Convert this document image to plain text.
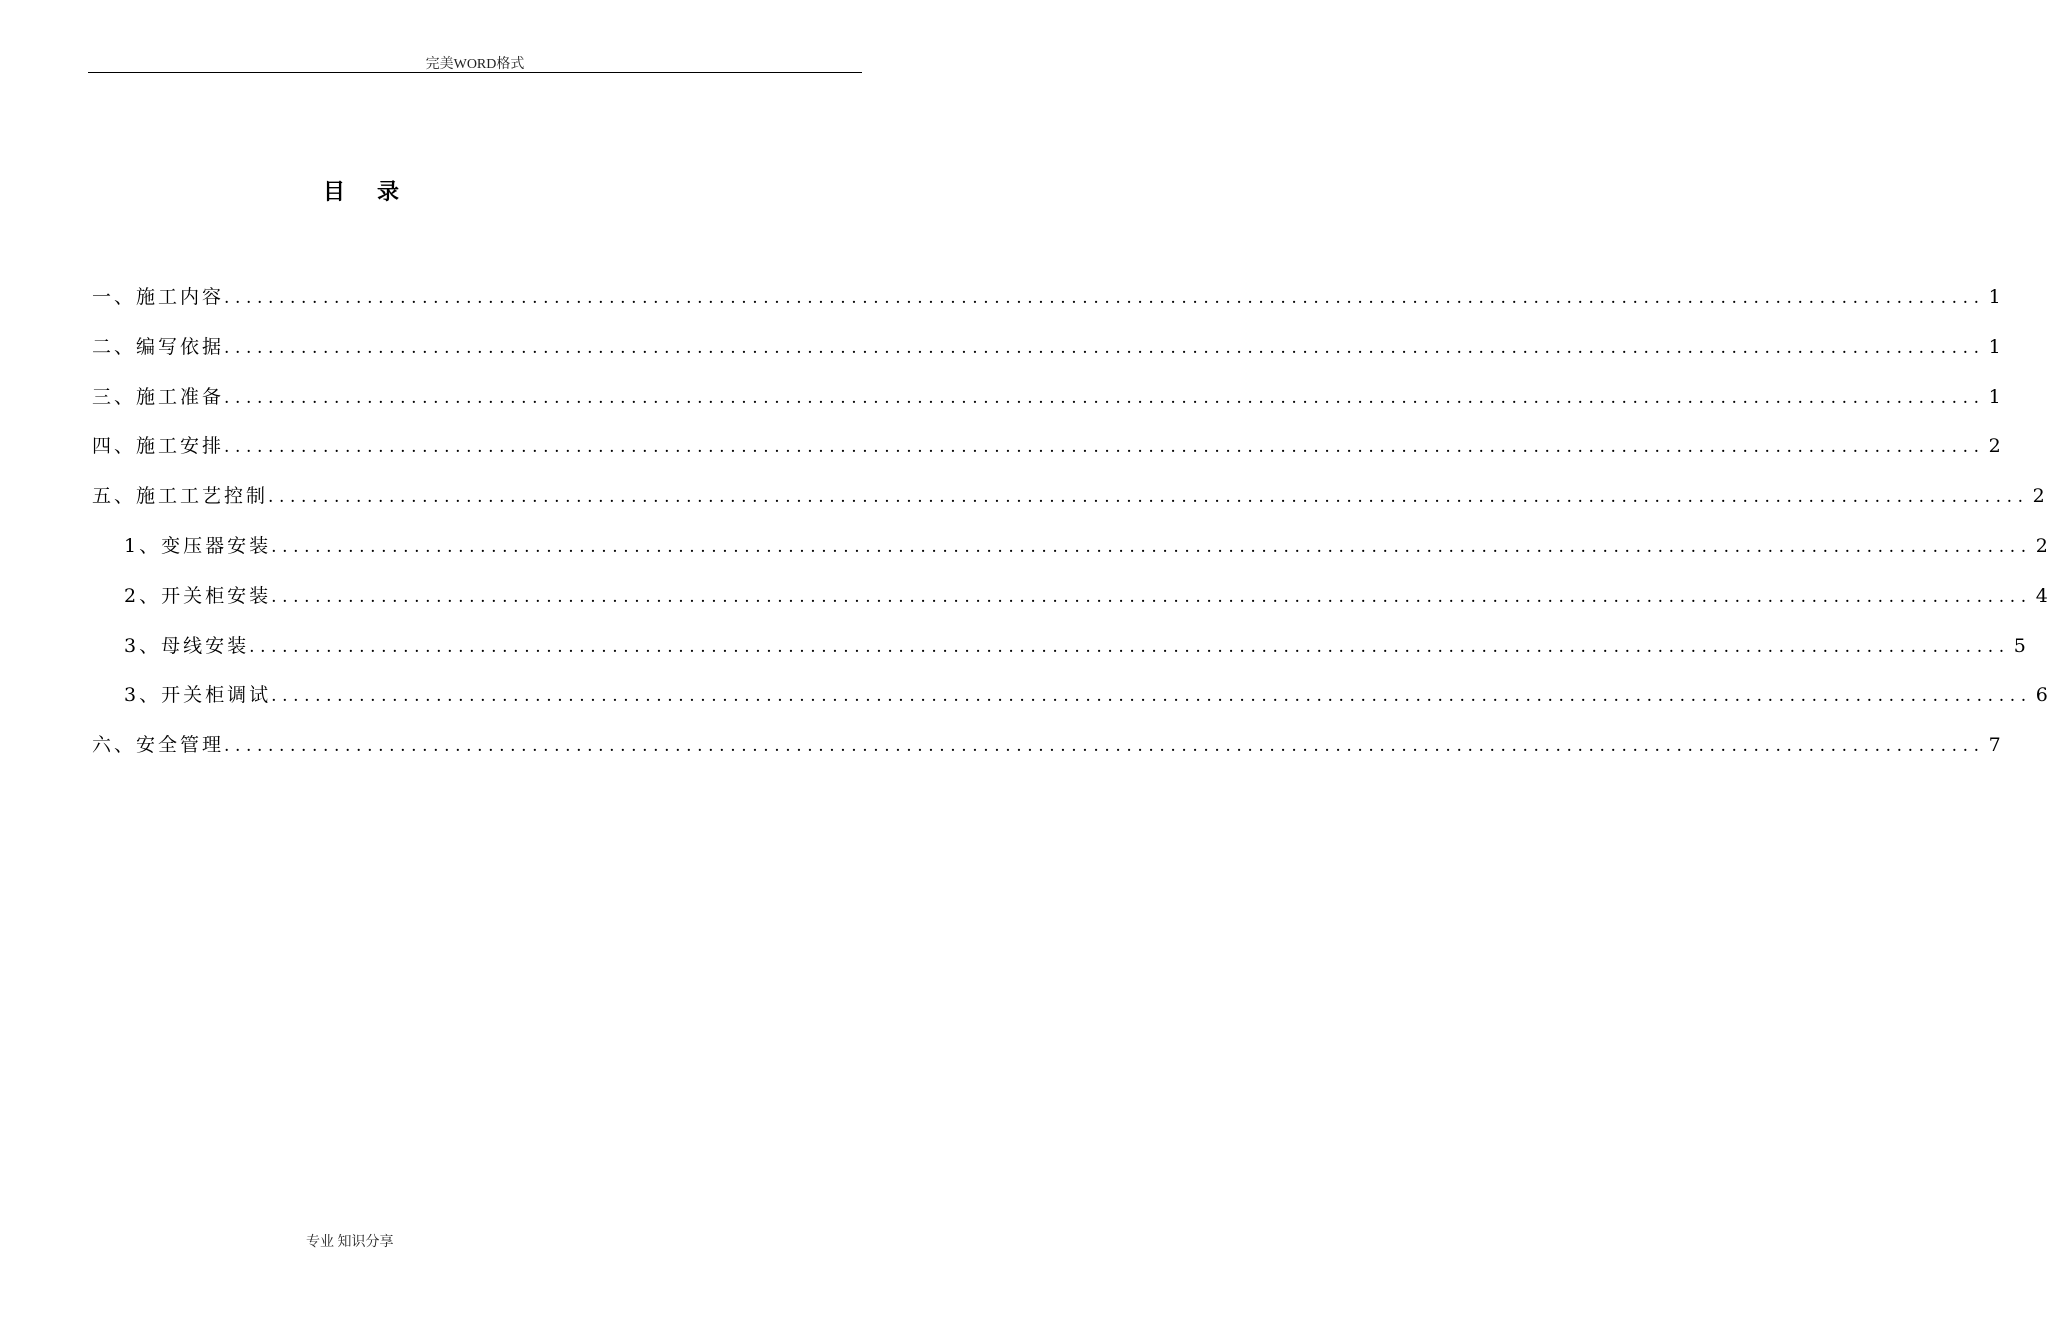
完美WORD格式
目录
一、施工内容 ................................................................................................................................................................ 1
二、编写依据 ................................................................................................................................................................ 1
三、施工准备 ................................................................................................................................................................ 1
四、施工安排 ................................................................................................................................................................ 2
五、施工工艺控制 ................................................................................................................................................................ 2
1、变压器安装 ................................................................................................................................................................ 2
2、开关柜安装 ................................................................................................................................................................ 4
3、母线安装 ................................................................................................................................................................ 5
3、开关柜调试 ................................................................................................................................................................ 6
六、安全管理 ................................................................................................................................................................ 7
专业 知识分享
